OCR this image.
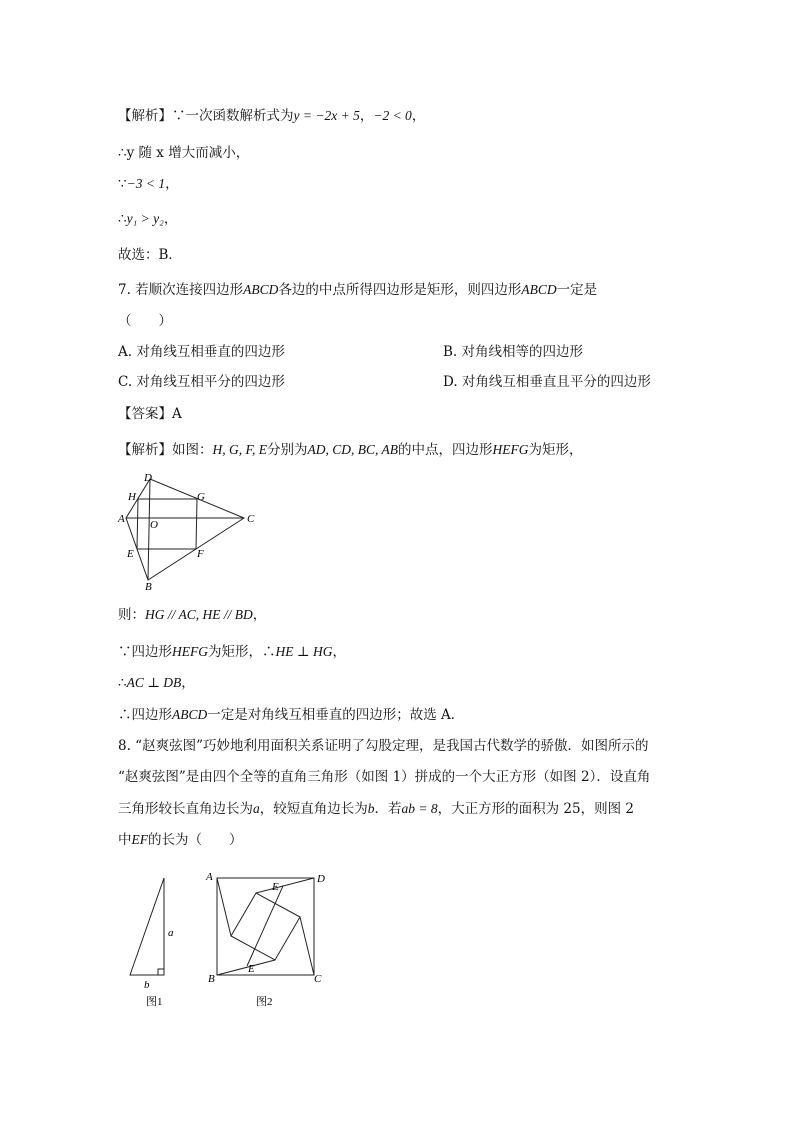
【解析】∵一次函数解析式为y = −2x + 5，−2 < 0，
∴y 随 x 增大而减小，
∵−3 < 1，
∴y₁ > y₂，
故选：B．
7. 若顺次连接四边形ABCD各边的中点所得四边形是矩形，则四边形ABCD一定是
（　　）
A. 对角线互相垂直的四边形	B. 对角线相等的四边形
C. 对角线互相平分的四边形	D. 对角线互相垂直且平分的四边形
【答案】A
【解析】如图：H, G, F, E分别为AD, CD, BC, AB的中点，四边形HEFG为矩形，
D
H	G
A O	C
E	F
B
则：HG // AC, HE // BD，
∵四边形HEFG为矩形，∴HE ⊥ HG，
∴AC ⊥ DB，
∴四边形ABCD一定是对角线互相垂直的四边形；故选 A．
8. “赵爽弦图”巧妙地利用面积关系证明了勾股定理，是我国古代数学的骄傲．如图所示的
“赵爽弦图”是由四个全等的直角三角形（如图 1）拼成的一个大正方形（如图 2）．设直角
三角形较长直角边长为a，较短直角边长为b．若ab = 8，大正方形的面积为 25，则图 2
中EF的长为（　　）
a
b
图1
A	D
B	C
E
E
图2
